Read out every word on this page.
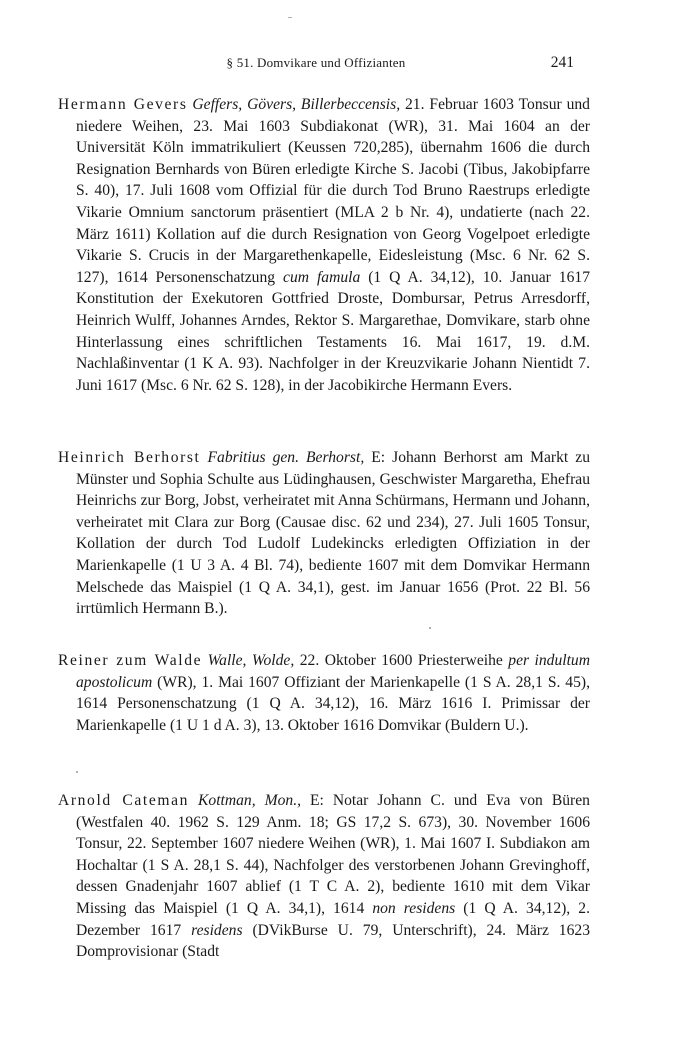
§ 51. Domvikare und Offizianten	241
Hermann Gevers Geffers, Gövers, Billerbeccensis, 21. Februar 1603 Tonsur und niedere Weihen, 23. Mai 1603 Subdiakonat (WR), 31. Mai 1604 an der Universität Köln immatrikuliert (Keussen 720,285), übernahm 1606 die durch Resignation Bernhards von Büren erledigte Kirche S. Jacobi (Tibus, Jakobipfarre S. 40), 17. Juli 1608 vom Offizial für die durch Tod Bruno Raestrups erledigte Vikarie Omnium sanctorum präsentiert (MLA 2 b Nr. 4), undatierte (nach 22. März 1611) Kollation auf die durch Resignation von Georg Vogelpoet erledigte Vikarie S. Crucis in der Margarethenkapelle, Eidesleistung (Msc. 6 Nr. 62 S. 127), 1614 Personenschatzung cum famula (1 Q A. 34,12), 10. Januar 1617 Konstitution der Exekutoren Gottfried Droste, Dombursar, Petrus Arresdorff, Heinrich Wulff, Johannes Arndes, Rektor S. Margarethae, Domvikare, starb ohne Hinterlassung eines schriftlichen Testaments 16. Mai 1617, 19. d.M. Nachlaßinventar (1 K A. 93). Nachfolger in der Kreuzvikarie Johann Nientidt 7. Juni 1617 (Msc. 6 Nr. 62 S. 128), in der Jacobikirche Hermann Evers.
Heinrich Berhorst Fabritius gen. Berhorst, E: Johann Berhorst am Markt zu Münster und Sophia Schulte aus Lüdinghausen, Geschwister Margaretha, Ehefrau Heinrichs zur Borg, Jobst, verheiratet mit Anna Schürmans, Hermann und Johann, verheiratet mit Clara zur Borg (Causae disc. 62 und 234), 27. Juli 1605 Tonsur, Kollation der durch Tod Ludolf Ludekincks erledigten Offiziation in der Marienkapelle (1 U 3 A. 4 Bl. 74), bediente 1607 mit dem Domvikar Hermann Melschede das Maispiel (1 Q A. 34,1), gest. im Januar 1656 (Prot. 22 Bl. 56 irrtümlich Hermann B.).
Reiner zum Walde Walle, Wolde, 22. Oktober 1600 Priesterweihe per indultum apostolicum (WR), 1. Mai 1607 Offiziant der Marienkapelle (1 S A. 28,1 S. 45), 1614 Personenschatzung (1 Q A. 34,12), 16. März 1616 I. Primissar der Marienkapelle (1 U 1 d A. 3), 13. Oktober 1616 Domvikar (Buldern U.).
Arnold Cateman Kottman, Mon., E: Notar Johann C. und Eva von Büren (Westfalen 40. 1962 S. 129 Anm. 18; GS 17,2 S. 673), 30. November 1606 Tonsur, 22. September 1607 niedere Weihen (WR), 1. Mai 1607 I. Subdiakon am Hochaltar (1 S A. 28,1 S. 44), Nachfolger des verstorbenen Johann Grevinghoff, dessen Gnadenjahr 1607 ablief (1 T C A. 2), bediente 1610 mit dem Vikar Missing das Maispiel (1 Q A. 34,1), 1614 non residens (1 Q A. 34,12), 2. Dezember 1617 residens (DVikBurse U. 79, Unterschrift), 24. März 1623 Domprovisionar (Stadt
